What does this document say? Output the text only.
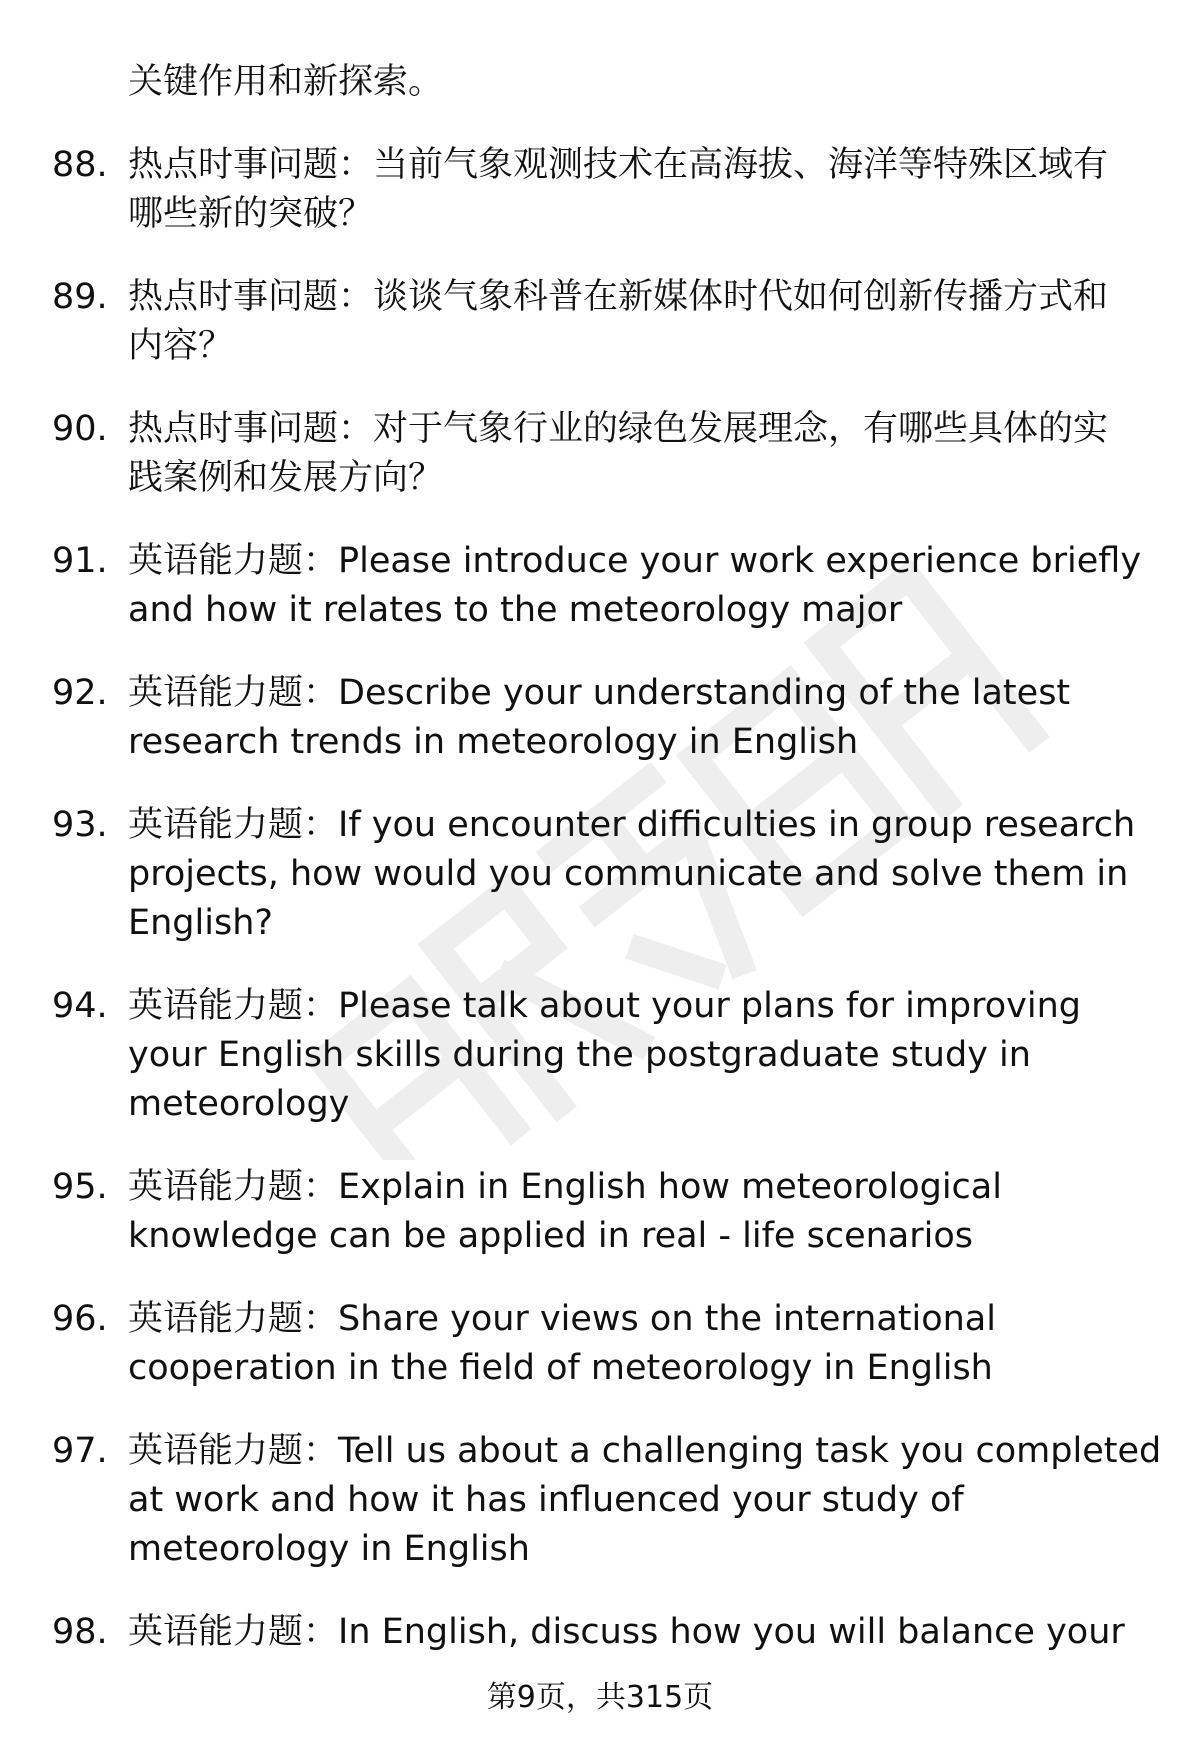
关键作用和新探索。
88. 热点时事问题：当前气象观测技术在高海拔、海洋等特殊区域有
哪些新的突破？
89. 热点时事问题：谈谈气象科普在新媒体时代如何创新传播方式和
内容？
90. 热点时事问题：对于气象行业的绿色发展理念，有哪些具体的实
践案例和发展方向？
91. 英语能力题：Please introduce your work experience briefly
and how it relates to the meteorology major
92. 英语能力题：Describe your understanding of the latest
research trends in meteorology in English
93. 英语能力题：If you encounter difficulties in group research
projects, how would you communicate and solve them in
English?
94. 英语能力题：Please talk about your plans for improving
your English skills during the postgraduate study in
meteorology
95. 英语能力题：Explain in English how meteorological
knowledge can be applied in real - life scenarios
96. 英语能力题：Share your views on the international
cooperation in the field of meteorology in English
97. 英语能力题：Tell us about a challenging task you completed
at work and how it has influenced your study of
meteorology in English
98. 英语能力题：In English, discuss how you will balance your
第9页，共315页
